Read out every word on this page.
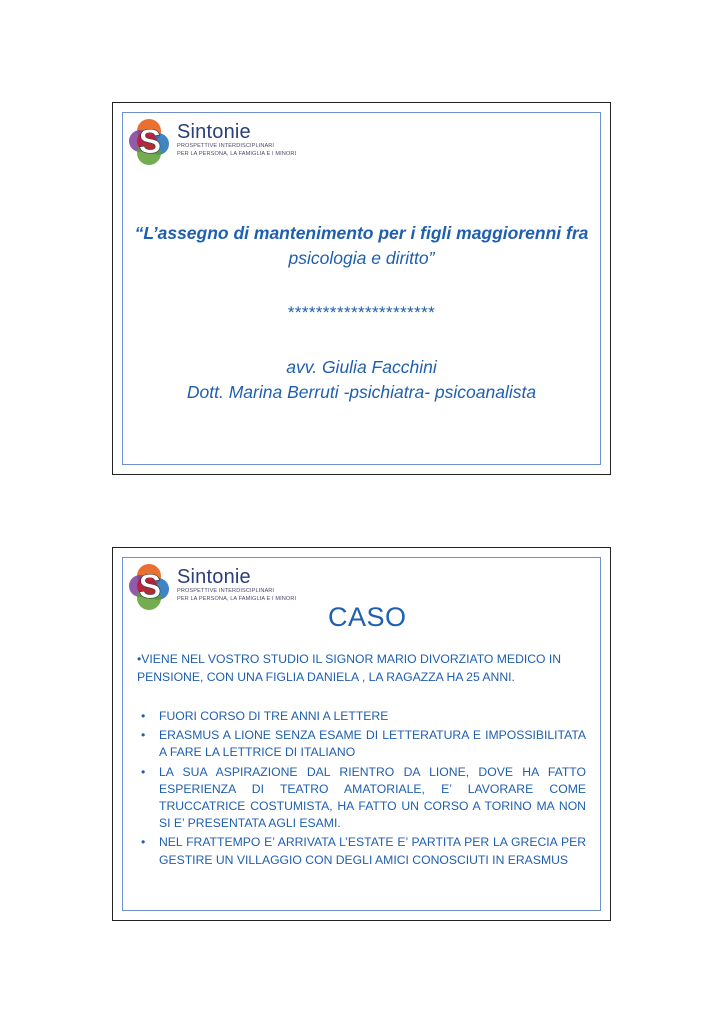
S Sintonie
PROSPETTIVE INTERDISCIPLINARI
PER LA PERSONA, LA FAMIGLIA E I MINORI
“L’assegno di mantenimento per i figli maggiorenni fra
psicologia e diritto”
*********************
avv. Giulia Facchini
Dott. Marina Berruti -psichiatra- psicoanalista
S Sintonie
PROSPETTIVE INTERDISCIPLINARI
PER LA PERSONA, LA FAMIGLIA E I MINORI
CASO
•VIENE NEL VOSTRO STUDIO IL SIGNOR MARIO DIVORZIATO MEDICO IN PENSIONE, CON UNA FIGLIA DANIELA , LA RAGAZZA HA 25 ANNI.
• FUORI CORSO DI TRE ANNI A LETTERE
• ERASMUS A LIONE SENZA ESAME DI LETTERATURA E IMPOSSIBILITATA A FARE LA LETTRICE DI ITALIANO
• LA SUA ASPIRAZIONE DAL RIENTRO DA LIONE, DOVE HA FATTO ESPERIENZA DI TEATRO AMATORIALE, E’ LAVORARE COME TRUCCATRICE COSTUMISTA, HA FATTO UN CORSO A TORINO MA NON SI E’ PRESENTATA AGLI ESAMI.
• NEL FRATTEMPO E’ ARRIVATA L’ESTATE E’ PARTITA PER LA GRECIA PER GESTIRE UN VILLAGGIO CON DEGLI AMICI CONOSCIUTI IN ERASMUS
